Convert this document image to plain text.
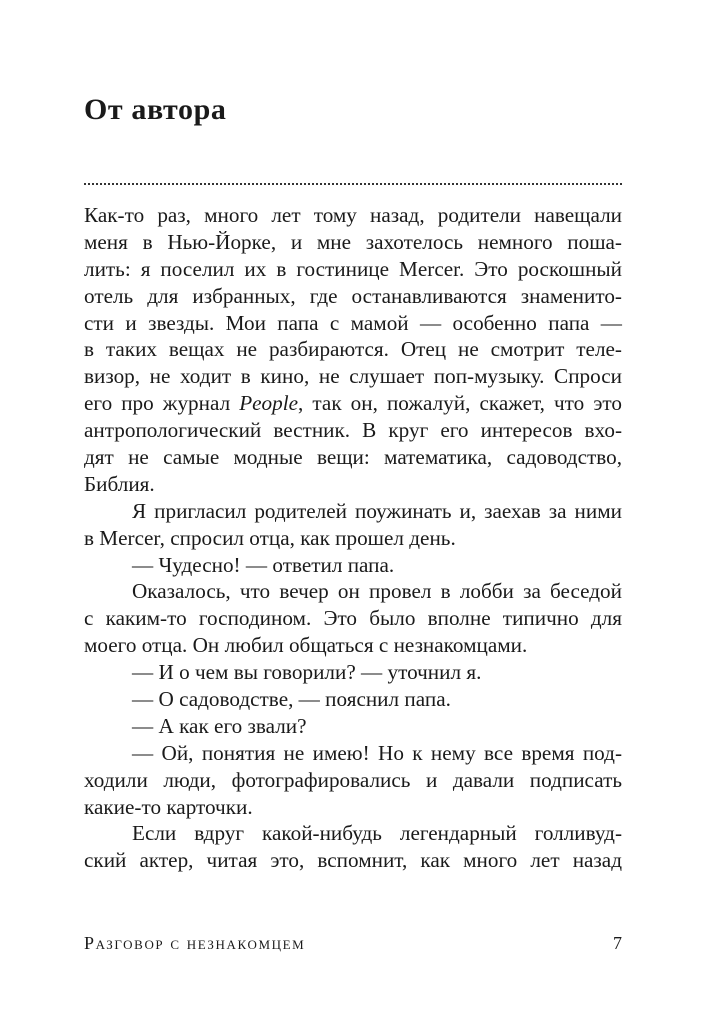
От автора
Как-то раз, много лет тому назад, родители навещали
меня в Нью-Йорке, и мне захотелось немного поша-
лить: я поселил их в гостинице Mercer. Это роскошный
отель для избранных, где останавливаются знаменито-
сти и звезды. Мои папа с мамой — особенно папа —
в таких вещах не разбираются. Отец не смотрит теле-
визор, не ходит в кино, не слушает поп-музыку. Спроси
его про журнал People, так он, пожалуй, скажет, что это
антропологический вестник. В круг его интересов вхо-
дят не самые модные вещи: математика, садоводство,
Библия.
Я пригласил родителей поужинать и, заехав за ними
в Mercer, спросил отца, как прошел день.
— Чудесно! — ответил папа.
Оказалось, что вечер он провел в лобби за беседой
с каким-то господином. Это было вполне типично для
моего отца. Он любил общаться с незнакомцами.
— И о чем вы говорили? — уточнил я.
— О садоводстве, — пояснил папа.
— А как его звали?
— Ой, понятия не имею! Но к нему все время под-
ходили люди, фотографировались и давали подписать
какие-то карточки.
Если вдруг какой-нибудь легендарный голливуд-
ский актер, читая это, вспомнит, как много лет назад
Разговор с незнакомцем	7
